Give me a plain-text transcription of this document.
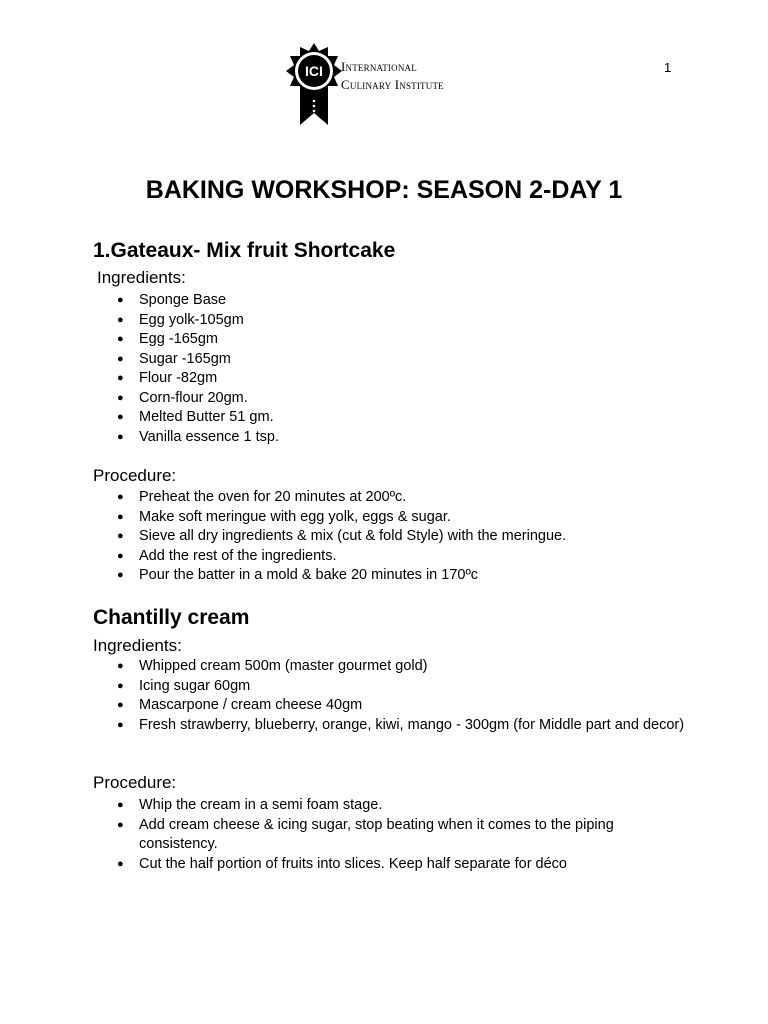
1
ICI International
Culinary Institute
BAKING WORKSHOP: SEASON 2-DAY 1
1.Gateaux- Mix fruit Shortcake
Ingredients:
● Sponge Base
● Egg yolk-105gm
● Egg -165gm
● Sugar -165gm
● Flour -82gm
● Corn-flour 20gm.
● Melted Butter 51 gm.
● Vanilla essence 1 tsp.
Procedure:
● Preheat the oven for 20 minutes at 200ºc.
● Make soft meringue with egg yolk, eggs & sugar.
● Sieve all dry ingredients & mix (cut & fold Style) with the meringue.
● Add the rest of the ingredients.
● Pour the batter in a mold & bake 20 minutes in 170ºc
Chantilly cream
Ingredients:
● Whipped cream 500m (master gourmet gold)
● Icing sugar 60gm
● Mascarpone / cream cheese 40gm
● Fresh strawberry, blueberry, orange, kiwi, mango - 300gm (for Middle part and decor)
Procedure:
● Whip the cream in a semi foam stage.
● Add cream cheese & icing sugar, stop beating when it comes to the piping consistency.
● Cut the half portion of fruits into slices. Keep half separate for déco
